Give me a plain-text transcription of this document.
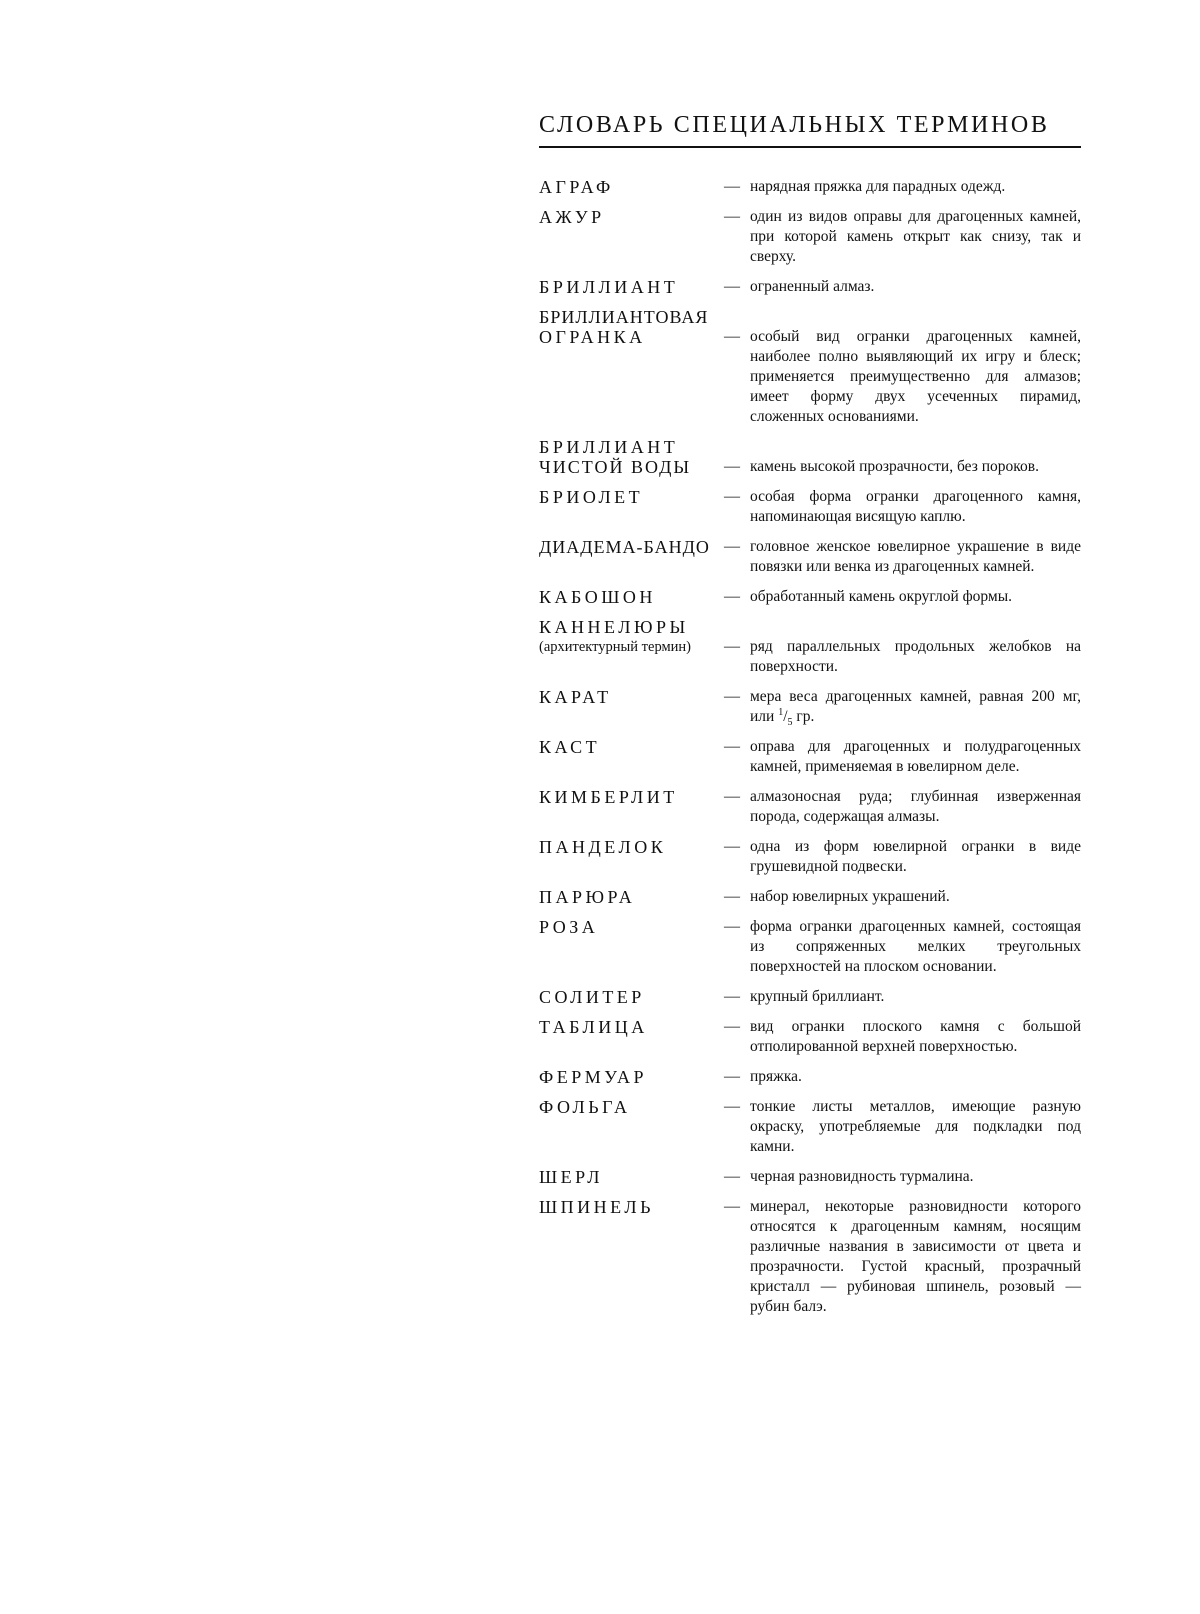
СЛОВАРЬ СПЕЦИАЛЬНЫХ ТЕРМИНОВ
АГРАФ	— нарядная пряжка для парадных одежд.
АЖУР	— один из видов оправы для драгоценных камней, при которой камень открыт как снизу, так и сверху.
БРИЛЛИАНТ	— ограненный алмаз.
БРИЛЛИАНТОВАЯ
ОГРАНКА	— особый вид огранки драгоценных камней, наиболее полно выявляющий их игру и блеск; применяется преимущественно для алмазов; имеет форму двух усеченных пирамид, сложенных основаниями.
БРИЛЛИАНТ
ЧИСТОЙ ВОДЫ	— камень высокой прозрачности, без пороков.
БРИОЛЕТ	— особая форма огранки драгоценного камня, напоминающая висящую каплю.
ДИАДЕМА-БАНДО — головное женское ювелирное украшение в виде повязки или венка из драгоценных камней.
КАБОШОН	— обработанный камень округлой формы.
КАННЕЛЮРЫ
(архитектурный термин)	— ряд параллельных продольных желобков на поверхности.
КАРАТ	— мера веса драгоценных камней, равная 200 мг, или $^1/_5$ гр.
КАСТ	— оправа для драгоценных и полудрагоценных камней, применяемая в ювелирном деле.
КИМБЕРЛИТ	— алмазоносная руда; глубинная изверженная порода, содержащая алмазы.
ПАНДЕЛОК	— одна из форм ювелирной огранки в виде грушевидной подвески.
ПАРЮРА	— набор ювелирных украшений.
РОЗА	— форма огранки драгоценных камней, состоящая из сопряженных мелких треугольных поверхностей на плоском основании.
СОЛИТЕР	— крупный бриллиант.
ТАБЛИЦА	— вид огранки плоского камня с большой отполированной верхней поверхностью.
ФЕРМУАР	— пряжка.
ФОЛЬГА	— тонкие листы металлов, имеющие разную окраску, употребляемые для подкладки под камни.
ШЕРЛ	— черная разновидность турмалина.
ШПИНЕЛЬ	— минерал, некоторые разновидности которого относятся к драгоценным камням, носящим различные названия в зависимости от цвета и прозрачности. Густой красный, прозрачный кристалл — рубиновая шпинель, розовый — рубин балэ.
